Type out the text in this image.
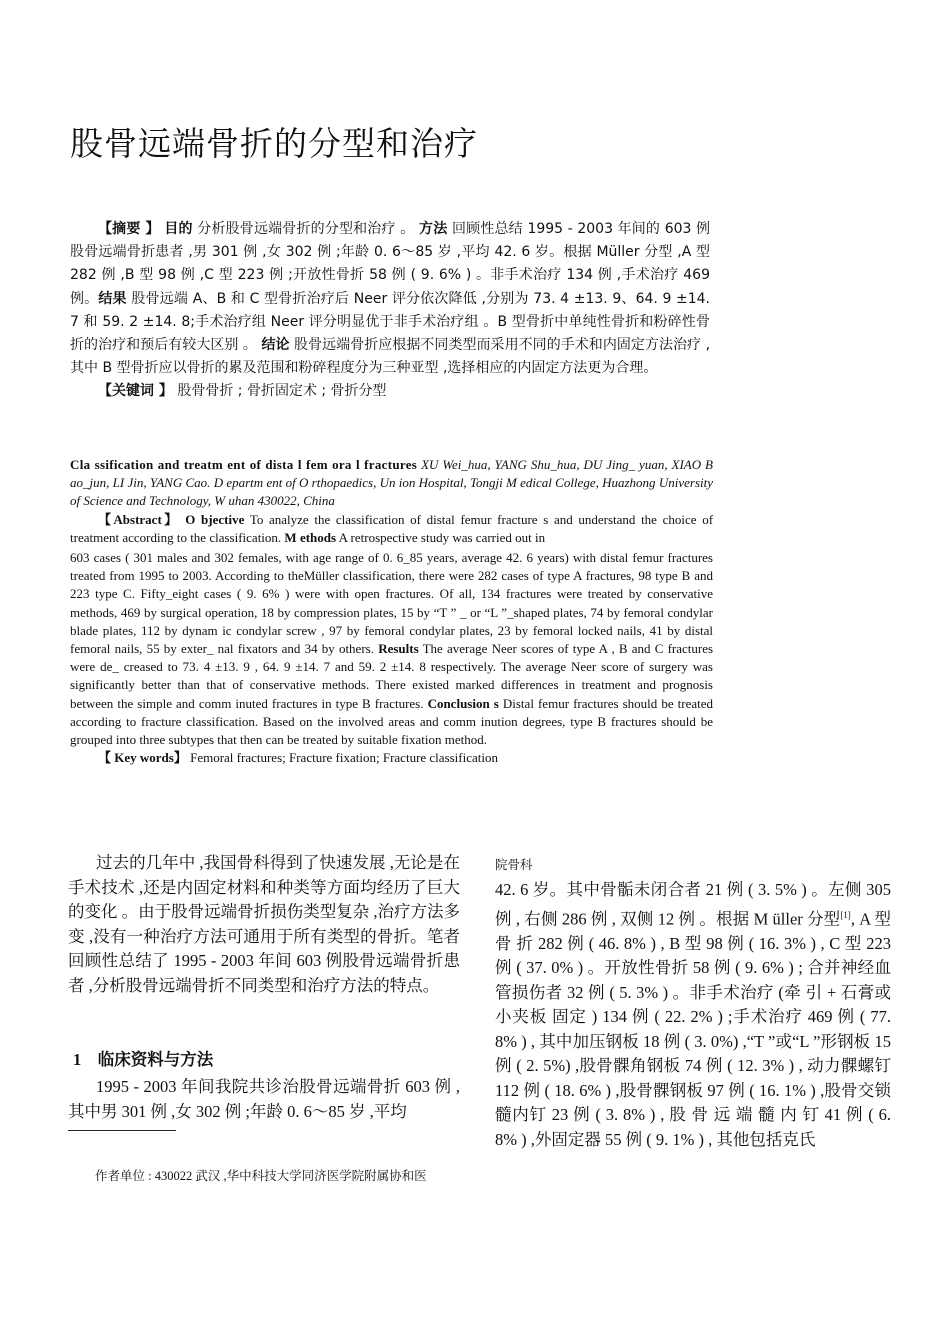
股骨远端骨折的分型和治疗
【摘要 】 目的 分析股骨远端骨折的分型和治疗 。 方法 回顾性总结 1995 - 2003 年间的 603 例股骨远端骨折患者 ,男 301 例 ,女 302 例 ;年龄 0. 6～85 岁 ,平均 42. 6 岁。根据 Müller 分型 ,A 型 282 例 ,B 型 98 例 ,C 型 223 例 ;开放性骨折 58 例 ( 9. 6% ) 。非手术治疗 134 例 ,手术治疗 469 例。结果 股骨远端 A、B 和 C 型骨折治疗后 Neer 评分依次降低 ,分别为 73. 4 ±13. 9、64. 9 ±14. 7 和 59. 2 ±14. 8;手术治疗组 Neer 评分明显优于非手术治疗组 。B 型骨折中单纯性骨折和粉碎性骨折的治疗和预后有较大区别 。 结论 股骨远端骨折应根据不同类型而采用不同的手术和内固定方法治疗 ,其中 B 型骨折应以骨折的累及范围和粉碎程度分为三种亚型 ,选择相应的内固定方法更为合理。
【关键词 】 股骨骨折 ; 骨折固定术 ; 骨折分型
Cla ssification and treatm ent of dista l fem ora l fractures XU Wei_hua, YANG Shu_hua, DU Jing_ yuan, XIAO B ao_jun, LI Jin, YANG Cao. D epartm ent of O rthopaedics, Un ion Hospital, Tongji M edical College, Huazhong University of Science and Technology, W uhan 430022, China
【Abstract】 O bjective To analyze the classification of distal femur fracture s and understand the choice of treatment according to the classification. M ethods A retrospective study was carried out in
603 cases ( 301 males and 302 females, with age range of 0. 6_85 years, average 42. 6 years) with distal femur fractures treated from 1995 to 2003. According to theMüller classification, there were 282 cases of type A fractures, 98 type B and 223 type C. Fifty_eight cases ( 9. 6% ) were with open fractures. Of all, 134 fractures were treated by conservative methods, 469 by surgical operation, 18 by compression plates, 15 by “T ” _ or “L ”_shaped plates, 74 by femoral condylar blade plates, 112 by dynam ic condylar screw , 97 by femoral condylar plates, 23 by femoral locked nails, 41 by distal femoral nails, 55 by exter_ nal fixators and 34 by others. Results The average Neer scores of type A , B and C fractures were de_ creased to 73. 4 ±13. 9 , 64. 9 ±14. 7 and 59. 2 ±14. 8 respectively. The average Neer score of surgery was significantly better than that of conservative methods. There existed marked differences in treatment and prognosis between the simple and comm inuted fractures in type B fractures. Conclusion s Distal femur fractures should be treated according to fracture classification. Based on the involved areas and comm inution degrees, type B fractures should be grouped into three subtypes that then can be treated by suitable fixation method.
【 Key words】 Femoral fractures; Fracture fixation; Fracture classification
过去的几年中 ,我国骨科得到了快速发展 ,无论是在手术技术 ,还是内固定材料和种类等方面均经历了巨大的变化 。由于股骨远端骨折损伤类型复杂 ,治疗方法多变 ,没有一种治疗方法可通用于所有类型的骨折。笔者回顾性总结了 1995 - 2003 年间 603 例股骨远端骨折患者 ,分析股骨远端骨折不同类型和治疗方法的特点。
1　临床资料与方法
1995 - 2003 年间我院共诊治股骨远端骨折 603 例 ,其中男 301 例 ,女 302 例 ;年龄 0. 6～85 岁 ,平均
作者单位 : 430022 武汉 ,华中科技大学同济医学院附属协和医
院骨科
42. 6 岁。其中骨骺未闭合者 21 例 ( 3. 5% ) 。左侧 305 例 , 右侧 286 例 , 双侧 12 例 。根据 M üller 分型[1], A 型 骨 折 282 例 ( 46. 8% ) , B 型 98 例 ( 16. 3% ) , C 型 223 例 ( 37. 0% ) 。开放性骨折 58 例 ( 9. 6% ) ; 合并神经血管损伤者 32 例 ( 5. 3% ) 。非手术治疗 (牵 引 + 石膏或小夹板 固定 ) 134 例 ( 22. 2% ) ;手术治疗 469 例 ( 77. 8% ) , 其中加压钢板 18 例 ( 3. 0%) ,“T ”或“L ”形钢板 15 例 ( 2. 5%) ,股骨髁角钢板 74 例 ( 12. 3% ) , 动力髁螺钉 112 例 ( 18. 6% ) ,股骨髁钢板 97 例 ( 16. 1% ) ,股骨交锁髓内钉 23 例 ( 3. 8% ) , 股 骨 远 端 髓 内 钉 41 例 ( 6. 8% ) ,外固定器 55 例 ( 9. 1% ) , 其他包括克氏
